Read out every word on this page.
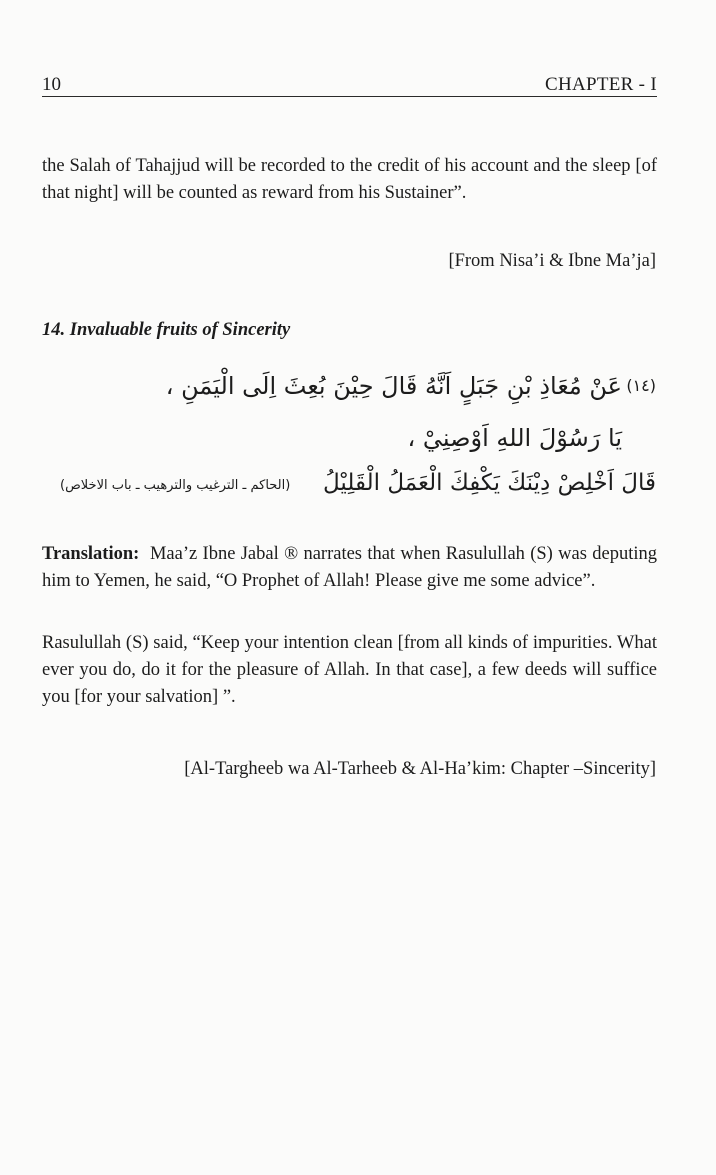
10	CHAPTER - I
the Salah of Tahajjud will be recorded to the credit of his account and the sleep [of that night] will be counted as reward from his Sustainer”.
[From Nisa’i & Ibne Ma’ja]
14. Invaluable fruits of Sincerity
(١٤)
عَنْ مُعَاذِ بْنِ جَبَلٍ اَنَّهُ قَالَ حِيْنَ بُعِثَ اِلَى الْيَمَنِ ،
يَا رَسُوْلَ اللهِ اَوْصِنِيْ ،
قَالَ اَخْلِصْ دِيْنَكَ يَكْفِكَ الْعَمَلُ الْقَلِيْلُ
(الحاكم ـ الترغيب والترهيب ـ باب الاخلاص)
Translation: Maa’z Ibne Jabal ® narrates that when Rasulullah (S) was deputing him to Yemen, he said, “O Prophet of Allah! Please give me some advice”.
Rasulullah (S) said, “Keep your intention clean [from all kinds of impurities. What ever you do, do it for the pleasure of Allah. In that case], a few deeds will suffice you [for your salvation] ”.
[Al-Targheeb wa Al-Tarheeb & Al-Ha’kim: Chapter –Sincerity]
